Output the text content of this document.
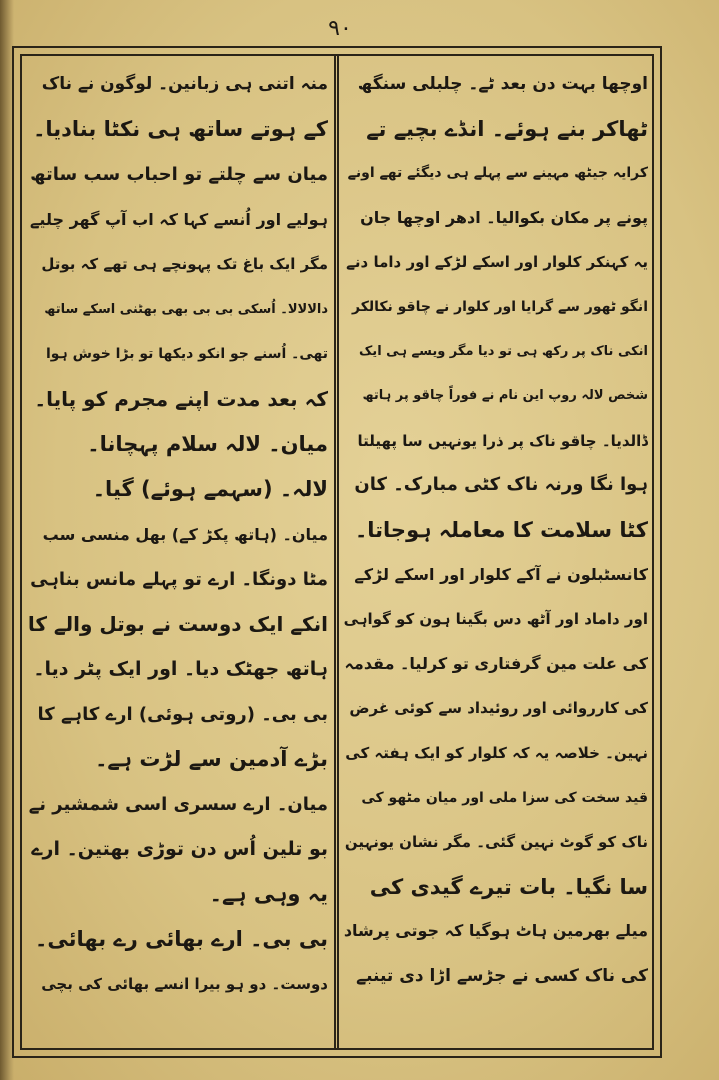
۹۰
اوچھا بہت دن بعد ٹے۔ چلبلی سنگھ
ٹھاکر بنے ہوئے۔ انڈے بچیے تے
کرایہ جیٹھ مہینے سے پہلے ہی دیگئے تھے اونے
پونے پر مکان بکوالیا۔ ادھر اوچھا جان
یہ کہنکر کلوار اور اسکے لڑکے اور داما دنے
انگو ٹھور سے گرایا اور کلوار نے چاقو نکالکر
انکی ناک پر رکھ ہی تو دیا مگر ویسے ہی ایک
شخص لالہ روپ این نام نے فوراً چاقو پر ہاتھ
ڈالدیا۔ چاقو ناک پر ذرا یونہیں سا پھیلتا
ہوا نگا ورنہ ناک کٹی مبارک۔ کان
کٹا سلامت کا معاملہ ہوجاتا۔
کانسٹبلون نے آکے کلوار اور اسکے لڑکے
اور داماد اور آٹھ دس بگینا ہون کو گواہی
کی علت مین گرفتاری تو کرلیا۔ مقدمہ
کی کارروائی اور روئیداد سے کوئی غرض
نہین۔ خلاصہ یہ کہ کلوار کو ایک ہفتہ کی
قید سخت کی سزا ملی اور میان مٹھو کی
ناک کو گوٹ نہین گئی۔ مگر نشان یونہین
سا نگیا۔ بات تیرے گیدی کی
میلے بھرمین ہاٹ ہوگیا کہ جوتی پرشاد
کی ناک کسی نے جڑسے اڑا دی تینبے
منہ اتنی ہی زبانین۔ لوگون نے ناک
کے ہوتے ساتھ ہی نکٹا بنادیا۔
میان سے چلتے تو احباب سب ساتھ
ہولیے اور اُنسے کہا کہ اب آپ گھر چلیے
مگر ایک باغ تک پہونچے ہی تھے کہ بوتل
دالالالا۔ اُسکی بی بی بھی بھٹنی اسکے ساتھ
تھی۔ اُسنے جو انکو دیکھا تو بڑا خوش ہوا
کہ بعد مدت اپنے مجرم کو پایا۔
میان۔ لالہ سلام پہچانا۔
لالہ۔ (سہمے ہوئے) گیا۔
میان۔ (ہاتھ پکڑ کے) بھل منسی سب
مٹا دونگا۔ ارے تو پہلے مانس بناہی
انکے ایک دوست نے بوتل والے کا
ہاتھ جھٹک دیا۔ اور ایک پٹر دیا۔
بی بی۔ (روتی ہوئی) ارے کاہے کا
بڑے آدمین سے لڑت ہے۔
میان۔ ارے سسری اسی شمشیر نے
بو تلین اُس دن توڑی بھتین۔ ارے
یہ وہی ہے۔
بی بی۔ ارے بھائی رے بھائی۔
دوست۔ دو ہو بیرا انسے بھائی کی بچی
